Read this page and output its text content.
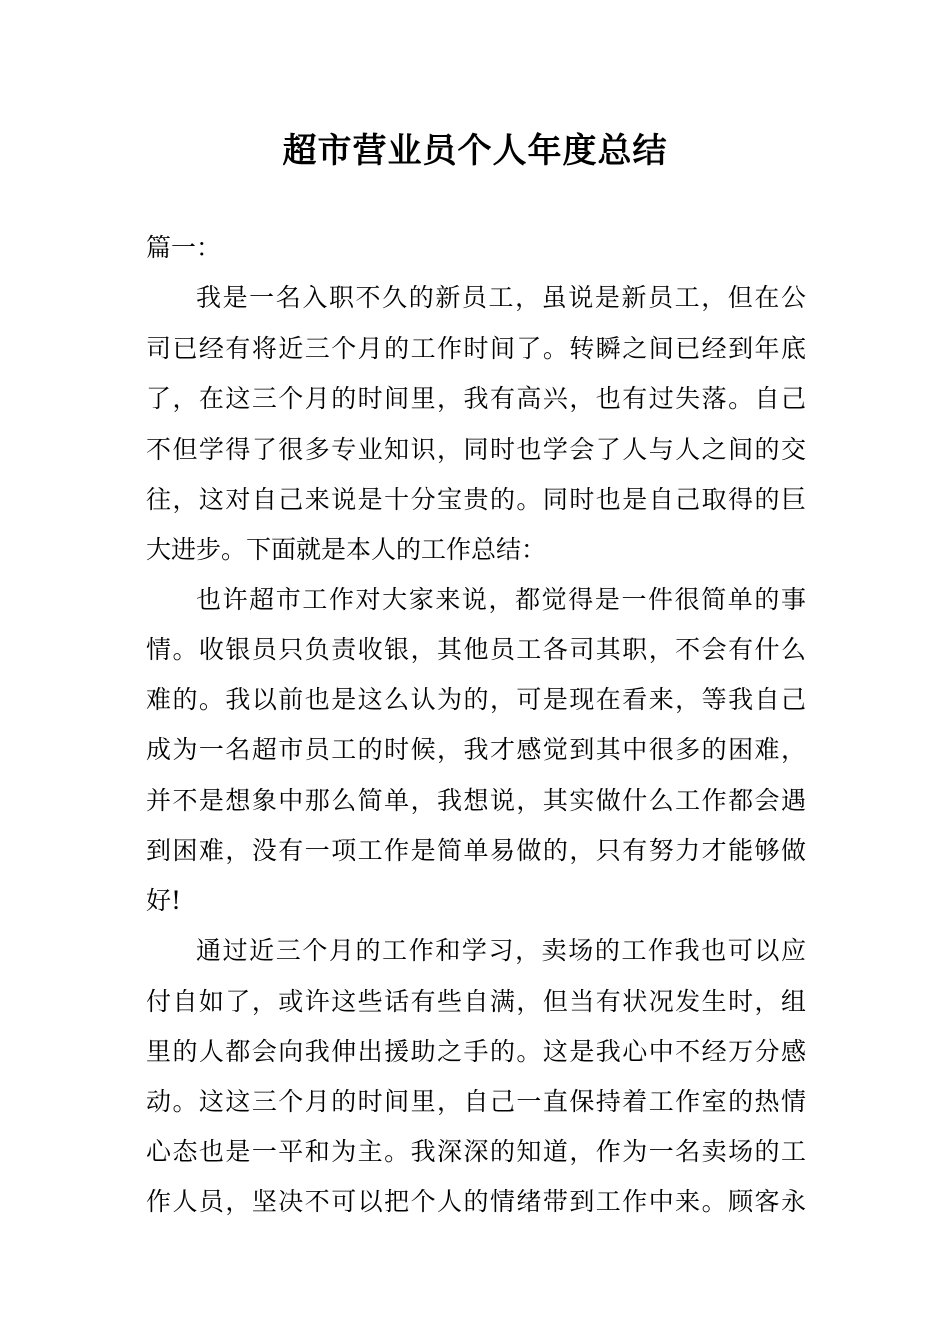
超市营业员个人年度总结
篇一：
我是一名入职不久的新员工，虽说是新员工，但在公
司已经有将近三个月的工作时间了。转瞬之间已经到年底
了，在这三个月的时间里，我有高兴，也有过失落。自己
不但学得了很多专业知识，同时也学会了人与人之间的交
往，这对自己来说是十分宝贵的。同时也是自己取得的巨
大进步。下面就是本人的工作总结：
也许超市工作对大家来说，都觉得是一件很简单的事
情。收银员只负责收银，其他员工各司其职，不会有什么
难的。我以前也是这么认为的，可是现在看来，等我自己
成为一名超市员工的时候，我才感觉到其中很多的困难，
并不是想象中那么简单，我想说，其实做什么工作都会遇
到困难，没有一项工作是简单易做的，只有努力才能够做
好!
通过近三个月的工作和学习，卖场的工作我也可以应
付自如了，或许这些话有些自满，但当有状况发生时，组
里的人都会向我伸出援助之手的。这是我心中不经万分感
动。这这三个月的时间里，自己一直保持着工作室的热情
心态也是一平和为主。我深深的知道，作为一名卖场的工
作人员，坚决不可以把个人的情绪带到工作中来。顾客永
